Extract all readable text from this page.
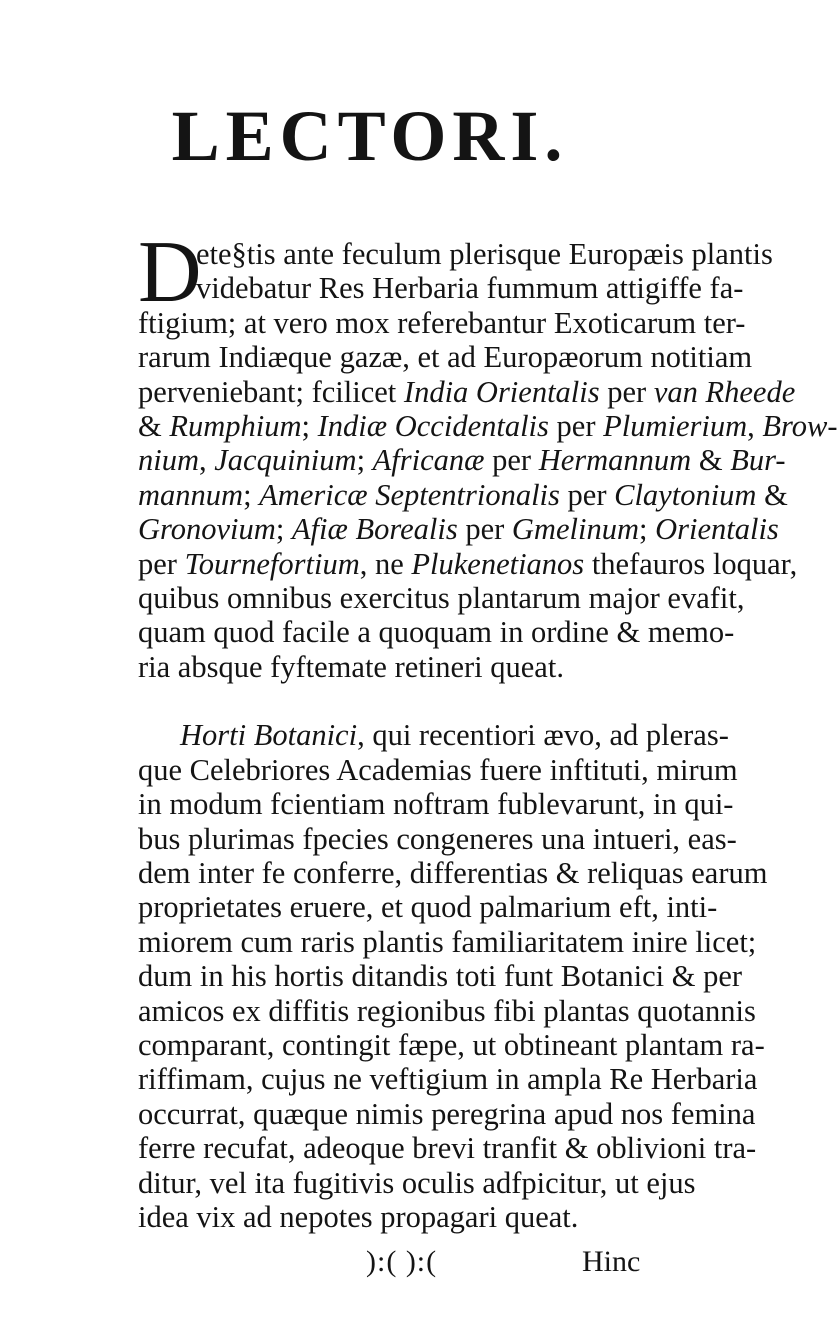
LECTORI.

D
ete§tis ante feculum plerisque Europæis plantis
videbatur Res Herbaria fummum attigiffe fa-
ftigium; at vero mox referebantur Exoticarum ter-
rarum Indiæque gazæ, et ad Europæorum notitiam
perveniebant; fcilicet India Orientalis per van Rheede
& Rumphium; Indiæ Occidentalis per Plumierium, Brow-
nium, Jacquinium; Africanæ per Hermannum & Bur-
mannum; Americæ Septentrionalis per Claytonium &
Gronovium; Afiæ Borealis per Gmelinum; Orientalis
per Tournefortium, ne Plukenetianos thefauros loquar,
quibus omnibus exercitus plantarum major evafit,
quam quod facile a quoquam in ordine & memo-
ria absque fyftemate retineri queat.

Horti Botanici, qui recentiori ævo, ad pleras-
que Celebriores Academias fuere inftituti, mirum
in modum fcientiam noftram fublevarunt, in qui-
bus plurimas fpecies congeneres una intueri, eas-
dem inter fe conferre, differentias & reliquas earum
proprietates eruere, et quod palmarium eft, inti-
miorem cum raris plantis familiaritatem inire licet;
dum in his hortis ditandis toti funt Botanici & per
amicos ex diffitis regionibus fibi plantas quotannis
comparant, contingit fæpe, ut obtineant plantam ra-
riffimam, cujus ne veftigium in ampla Re Herbaria
occurrat, quæque nimis peregrina apud nos femina
ferre recufat, adeoque brevi tranfit & oblivioni tra-
ditur, vel ita fugitivis oculis adfpicitur, ut ejus
idea vix ad nepotes propagari queat.

):( ):(	Hinc
